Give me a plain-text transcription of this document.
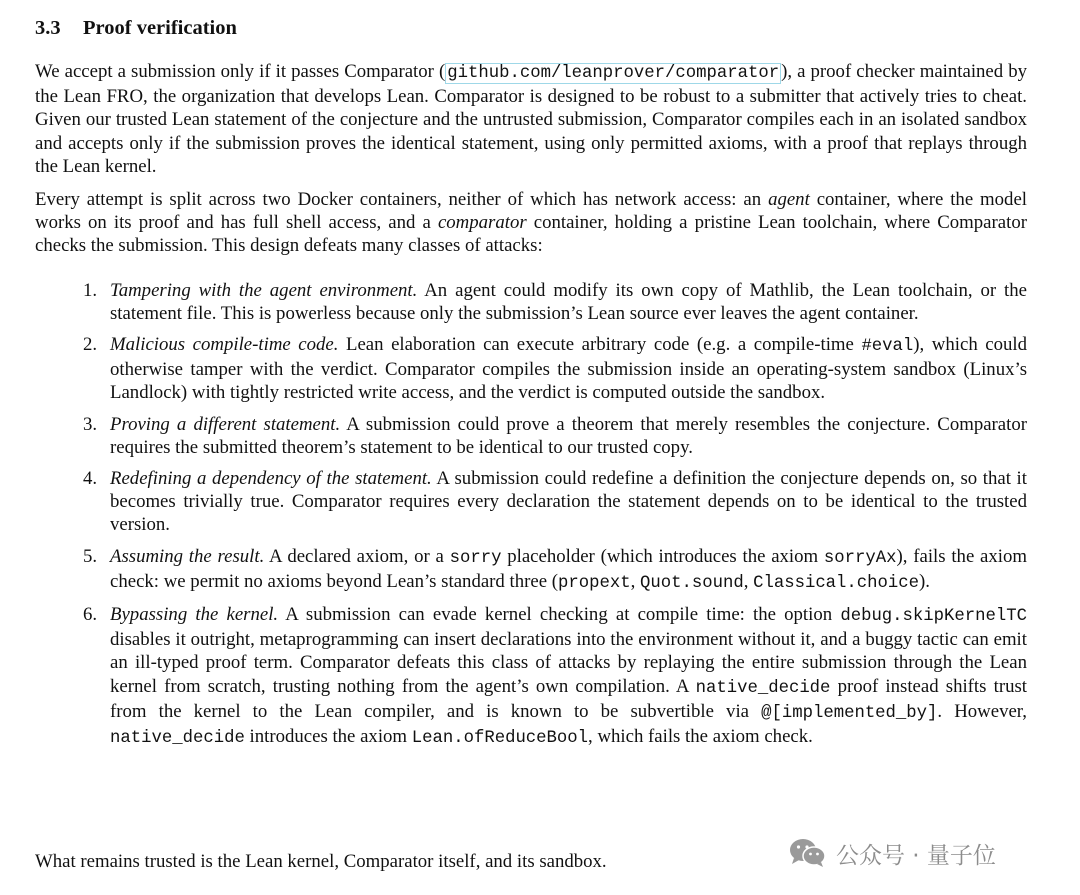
3.3 Proof verification

We accept a submission only if it passes Comparator ( github.com/leanprover/comparator ), a proof checker maintained by the Lean FRO, the organization that develops Lean. Comparator is designed to be robust to a submitter that actively tries to cheat. Given our trusted Lean statement of the conjecture and the untrusted submission, Comparator compiles each in an isolated sandbox and accepts only if the submission proves the identical statement, using only permitted axioms, with a proof that replays through the Lean kernel.

Every attempt is split across two Docker containers, neither of which has network access: an agent container, where the model works on its proof and has full shell access, and a comparator container, holding a pristine Lean toolchain, where Comparator checks the submission. This design defeats many classes of attacks:

1. Tampering with the agent environment. An agent could modify its own copy of Mathlib, the Lean toolchain, or the statement file. This is powerless because only the submission’s Lean source ever leaves the agent container.
2. Malicious compile-time code. Lean elaboration can execute arbitrary code (e.g. a compile-time #eval), which could otherwise tamper with the verdict. Comparator compiles the submission inside an operating-system sandbox (Linux’s Landlock) with tightly restricted write access, and the verdict is computed outside the sandbox.
3. Proving a different statement. A submission could prove a theorem that merely resembles the conjecture. Comparator requires the submitted theorem’s statement to be identical to our trusted copy.
4. Redefining a dependency of the statement. A submission could redefine a definition the conjecture depends on, so that it becomes trivially true. Comparator requires every declaration the statement depends on to be identical to the trusted version.
5. Assuming the result. A declared axiom, or a sorry placeholder (which introduces the axiom sorryAx), fails the axiom check: we permit no axioms beyond Lean’s standard three (propext, Quot.sound, Classical.choice).
6. Bypassing the kernel. A submission can evade kernel checking at compile time: the option debug.skipKernelTC disables it outright, metaprogramming can insert declarations into the environment without it, and a buggy tactic can emit an ill-typed proof term. Comparator defeats this class of attacks by replaying the entire submission through the Lean kernel from scratch, trusting nothing from the agent’s own compilation. A native_decide proof instead shifts trust from the kernel to the Lean compiler, and is known to be subvertible via @[implemented_by]. However, native_decide introduces the axiom Lean.ofReduceBool, which fails the axiom check.
What remains trusted is the Lean kernel, Comparator itself, and its sandbox.	公众号 · 量子位
